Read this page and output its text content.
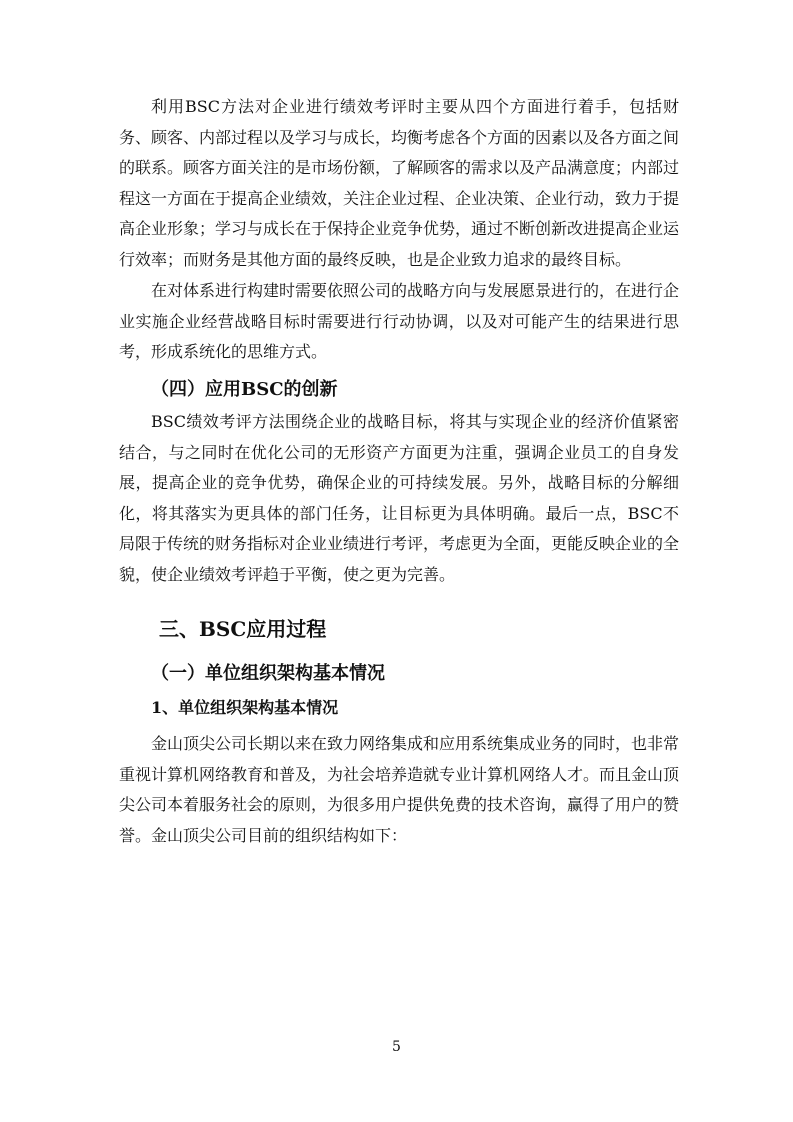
利用BSC方法对企业进行绩效考评时主要从四个方面进行着手，包括财务、顾客、内部过程以及学习与成长，均衡考虑各个方面的因素以及各方面之间的联系。顾客方面关注的是市场份额，了解顾客的需求以及产品满意度；内部过程这一方面在于提高企业绩效，关注企业过程、企业决策、企业行动，致力于提高企业形象；学习与成长在于保持企业竞争优势，通过不断创新改进提高企业运行效率；而财务是其他方面的最终反映，也是企业致力追求的最终目标。

在对体系进行构建时需要依照公司的战略方向与发展愿景进行的，在进行企业实施企业经营战略目标时需要进行行动协调，以及对可能产生的结果进行思考，形成系统化的思维方式。

（四）应用BSC的创新

BSC绩效考评方法围绕企业的战略目标，将其与实现企业的经济价值紧密结合，与之同时在优化公司的无形资产方面更为注重，强调企业员工的自身发展，提高企业的竞争优势，确保企业的可持续发展。另外，战略目标的分解细化，将其落实为更具体的部门任务，让目标更为具体明确。最后一点，BSC不局限于传统的财务指标对企业业绩进行考评，考虑更为全面，更能反映企业的全貌，使企业绩效考评趋于平衡，使之更为完善。

三、BSC应用过程
（一）单位组织架构基本情况
1、单位组织架构基本情况

金山顶尖公司长期以来在致力网络集成和应用系统集成业务的同时，也非常重视计算机网络教育和普及，为社会培养造就专业计算机网络人才。而且金山顶尖公司本着服务社会的原则，为很多用户提供免费的技术咨询，赢得了用户的赞誉。金山顶尖公司目前的组织结构如下：

5
